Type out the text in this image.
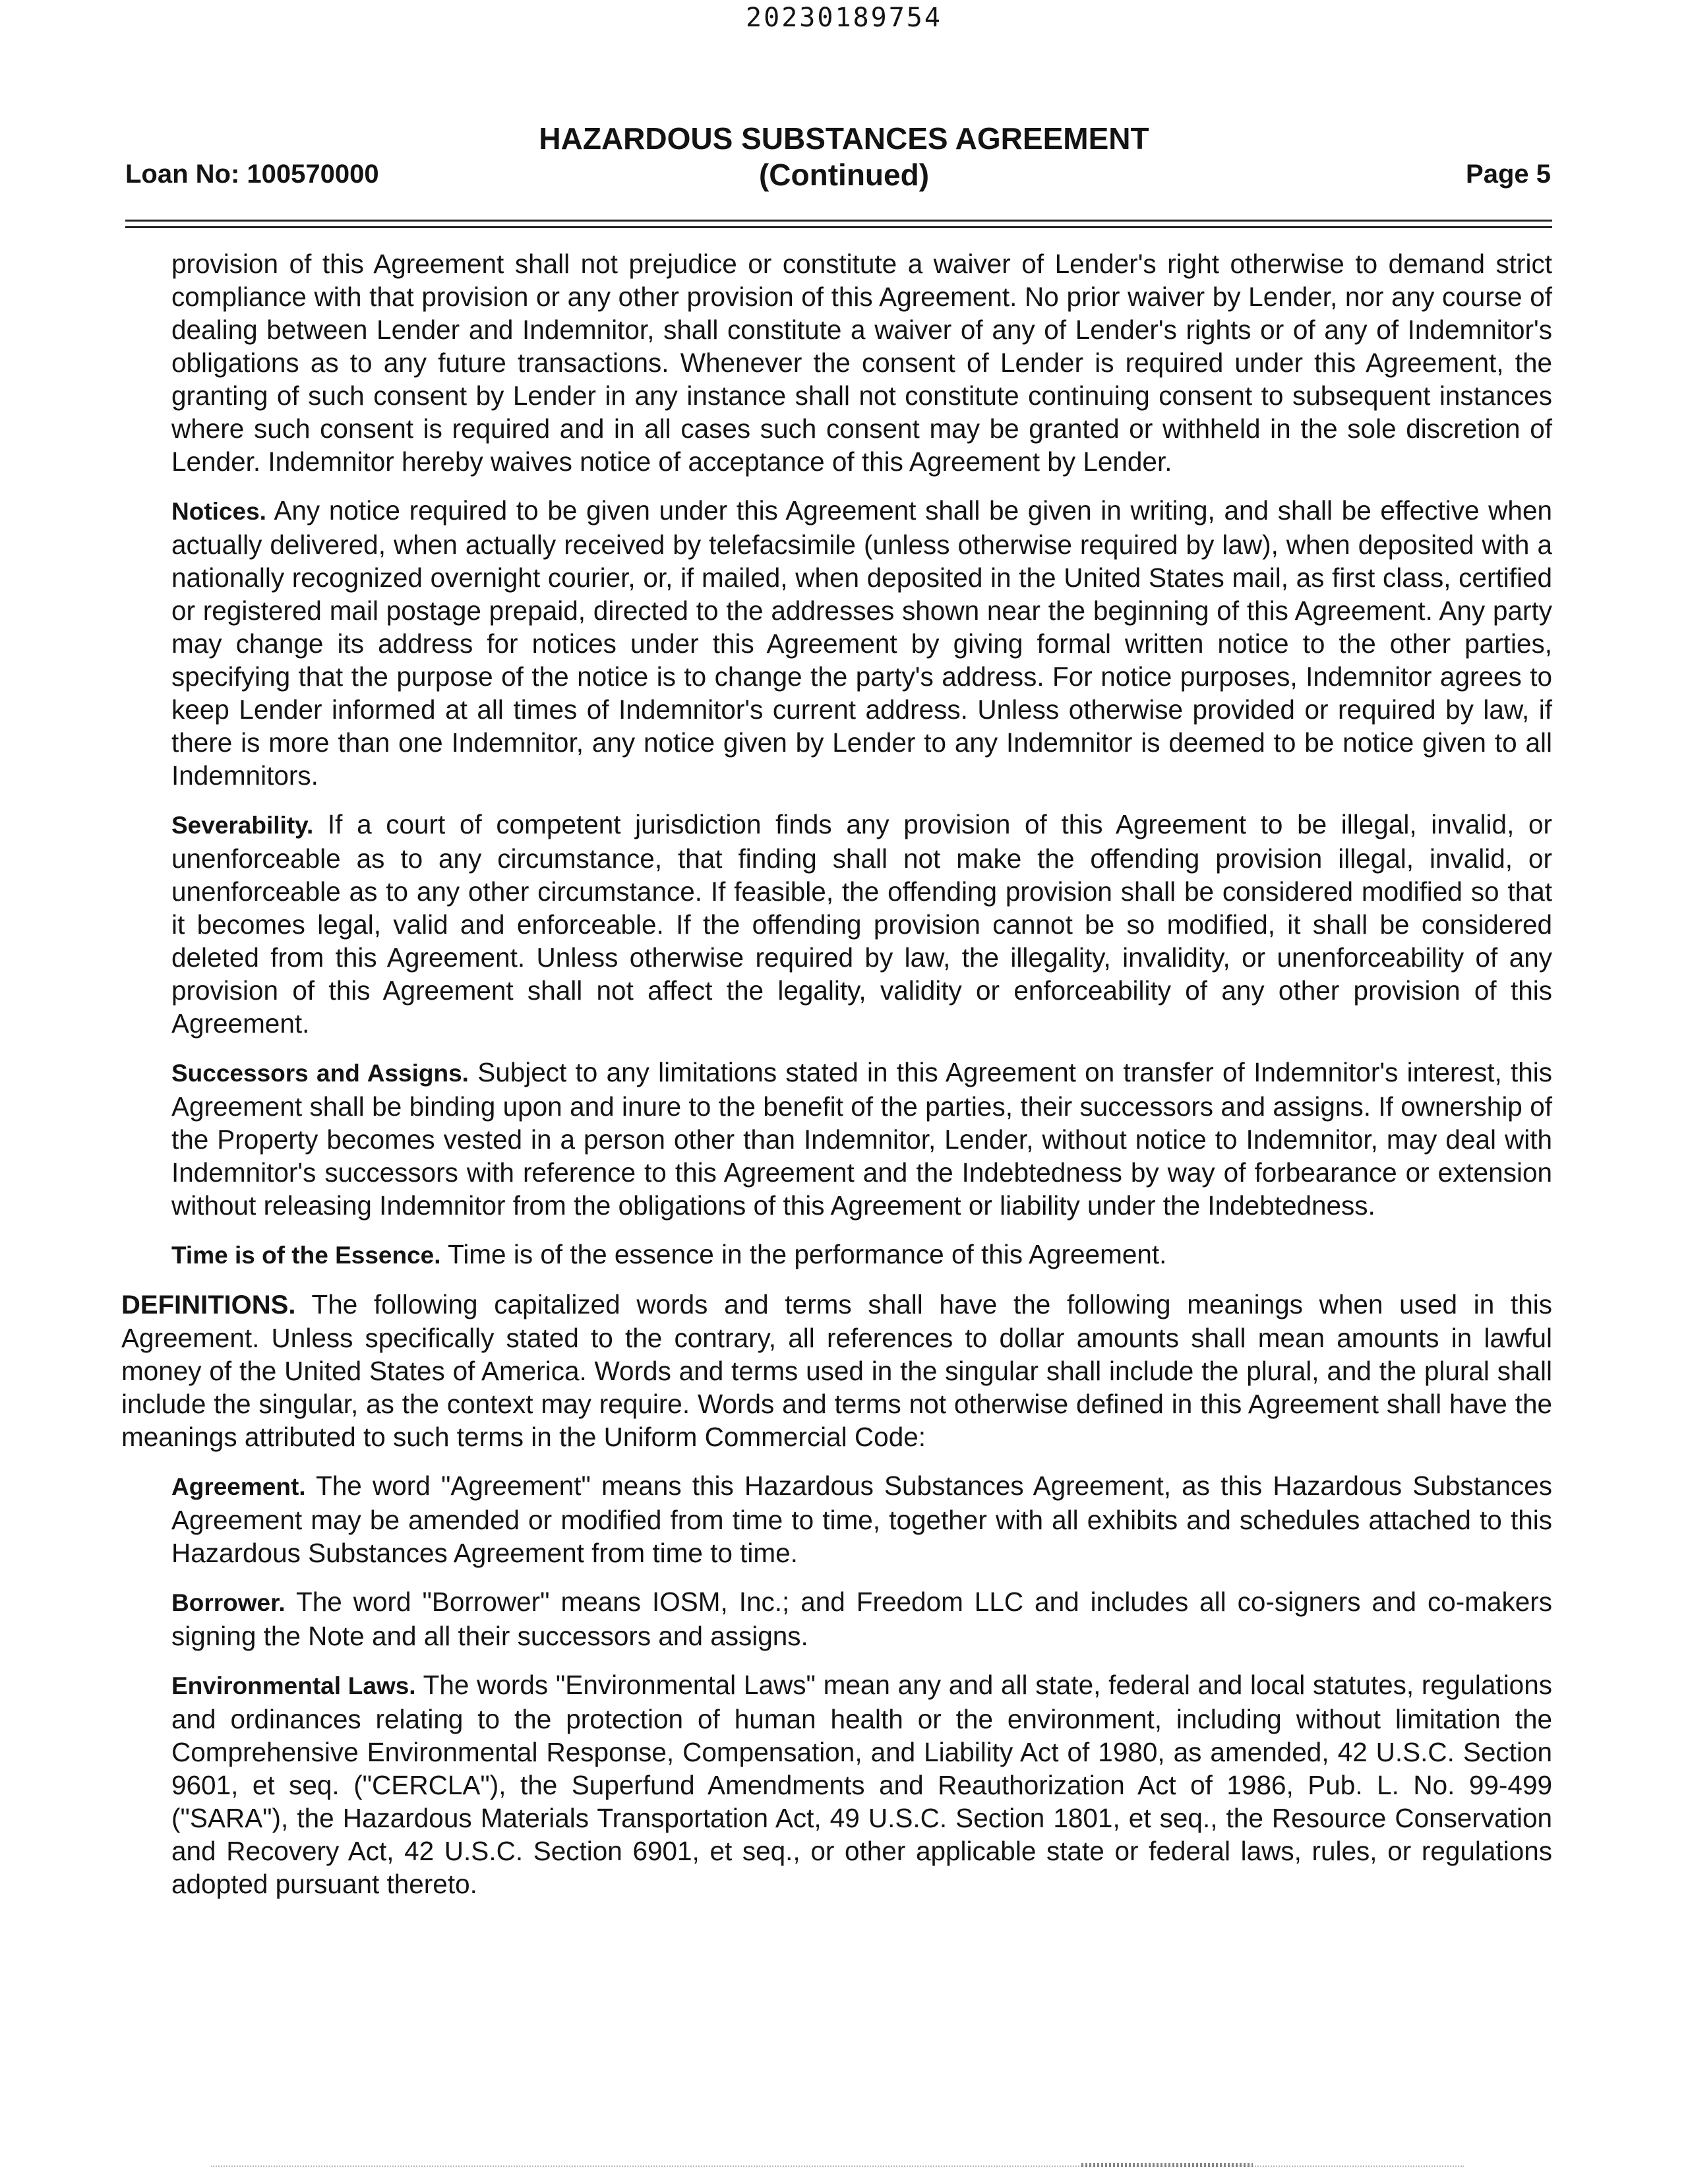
20230189754
HAZARDOUS SUBSTANCES AGREEMENT
Loan No: 100570000	(Continued)	Page 5

provision of this Agreement shall not prejudice or constitute a waiver of Lender's right otherwise to demand strict compliance with that provision or any other provision of this Agreement. No prior waiver by Lender, nor any course of dealing between Lender and Indemnitor, shall constitute a waiver of any of Lender's rights or of any of Indemnitor's obligations as to any future transactions. Whenever the consent of Lender is required under this Agreement, the granting of such consent by Lender in any instance shall not constitute continuing consent to subsequent instances where such consent is required and in all cases such consent may be granted or withheld in the sole discretion of Lender. Indemnitor hereby waives notice of acceptance of this Agreement by Lender.

Notices. Any notice required to be given under this Agreement shall be given in writing, and shall be effective when actually delivered, when actually received by telefacsimile (unless otherwise required by law), when deposited with a nationally recognized overnight courier, or, if mailed, when deposited in the United States mail, as first class, certified or registered mail postage prepaid, directed to the addresses shown near the beginning of this Agreement. Any party may change its address for notices under this Agreement by giving formal written notice to the other parties, specifying that the purpose of the notice is to change the party's address. For notice purposes, Indemnitor agrees to keep Lender informed at all times of Indemnitor's current address. Unless otherwise provided or required by law, if there is more than one Indemnitor, any notice given by Lender to any Indemnitor is deemed to be notice given to all Indemnitors.

Severability. If a court of competent jurisdiction finds any provision of this Agreement to be illegal, invalid, or unenforceable as to any circumstance, that finding shall not make the offending provision illegal, invalid, or unenforceable as to any other circumstance. If feasible, the offending provision shall be considered modified so that it becomes legal, valid and enforceable. If the offending provision cannot be so modified, it shall be considered deleted from this Agreement. Unless otherwise required by law, the illegality, invalidity, or unenforceability of any provision of this Agreement shall not affect the legality, validity or enforceability of any other provision of this Agreement.

Successors and Assigns. Subject to any limitations stated in this Agreement on transfer of Indemnitor's interest, this Agreement shall be binding upon and inure to the benefit of the parties, their successors and assigns. If ownership of the Property becomes vested in a person other than Indemnitor, Lender, without notice to Indemnitor, may deal with Indemnitor's successors with reference to this Agreement and the Indebtedness by way of forbearance or extension without releasing Indemnitor from the obligations of this Agreement or liability under the Indebtedness.

Time is of the Essence. Time is of the essence in the performance of this Agreement.

DEFINITIONS. The following capitalized words and terms shall have the following meanings when used in this Agreement. Unless specifically stated to the contrary, all references to dollar amounts shall mean amounts in lawful money of the United States of America. Words and terms used in the singular shall include the plural, and the plural shall include the singular, as the context may require. Words and terms not otherwise defined in this Agreement shall have the meanings attributed to such terms in the Uniform Commercial Code:

Agreement. The word "Agreement" means this Hazardous Substances Agreement, as this Hazardous Substances Agreement may be amended or modified from time to time, together with all exhibits and schedules attached to this Hazardous Substances Agreement from time to time.

Borrower. The word "Borrower" means IOSM, Inc.; and Freedom LLC and includes all co-signers and co-makers signing the Note and all their successors and assigns.

Environmental Laws. The words "Environmental Laws" mean any and all state, federal and local statutes, regulations and ordinances relating to the protection of human health or the environment, including without limitation the Comprehensive Environmental Response, Compensation, and Liability Act of 1980, as amended, 42 U.S.C. Section 9601, et seq. ("CERCLA"), the Superfund Amendments and Reauthorization Act of 1986, Pub. L. No. 99-499 ("SARA"), the Hazardous Materials Transportation Act, 49 U.S.C. Section 1801, et seq., the Resource Conservation and Recovery Act, 42 U.S.C. Section 6901, et seq., or other applicable state or federal laws, rules, or regulations adopted pursuant thereto.
